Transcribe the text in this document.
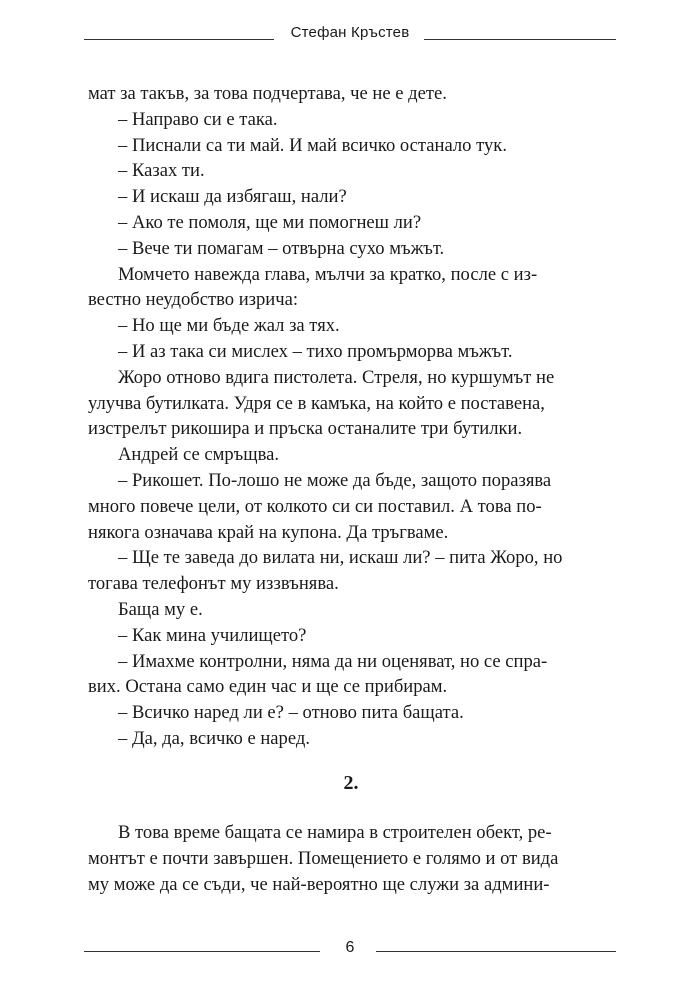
Стефан Кръстев

мат за такъв, за това подчертава, че не е дете.

– Направо си е така.

– Писнали са ти май. И май всичко останало тук.

– Казах ти.

– И искаш да избягаш, нали?

– Ако те помоля, ще ми помогнеш ли?

– Вече ти помагам – отвърна сухо мъжът.

Момчето навежда глава, мълчи за кратко, после с из-

вестно неудобство изрича:

– Но ще ми бъде жал за тях.

– И аз така си мислех – тихо промърморва мъжът.

Жоро отново вдига пистолета. Стреля, но куршумът не

улучва бутилката. Удря се в камъка, на който е поставена,

изстрелът рикошира и пръска останалите три бутилки.

Андрей се смръщва.

– Рикошет. По-лошо не може да бъде, защото поразява

много повече цели, от колкото си си поставил. А това по-

някога означава край на купона. Да тръгваме.

– Ще те заведа до вилата ни, искаш ли? – пита Жоро, но

тогава телефонът му иззвънява.

Баща му е.

– Как мина училището?

– Имахме контролни, няма да ни оценяват, но се спра-

вих. Остана само един час и ще се прибирам.

– Всичко наред ли е? – отново пита бащата.

– Да, да, всичко е наред.

2.

В това време бащата се намира в строителен обект, ре-

монтът е почти завършен. Помещението е голямо и от вида

му може да се съди, че най-вероятно ще служи за админи-

6
